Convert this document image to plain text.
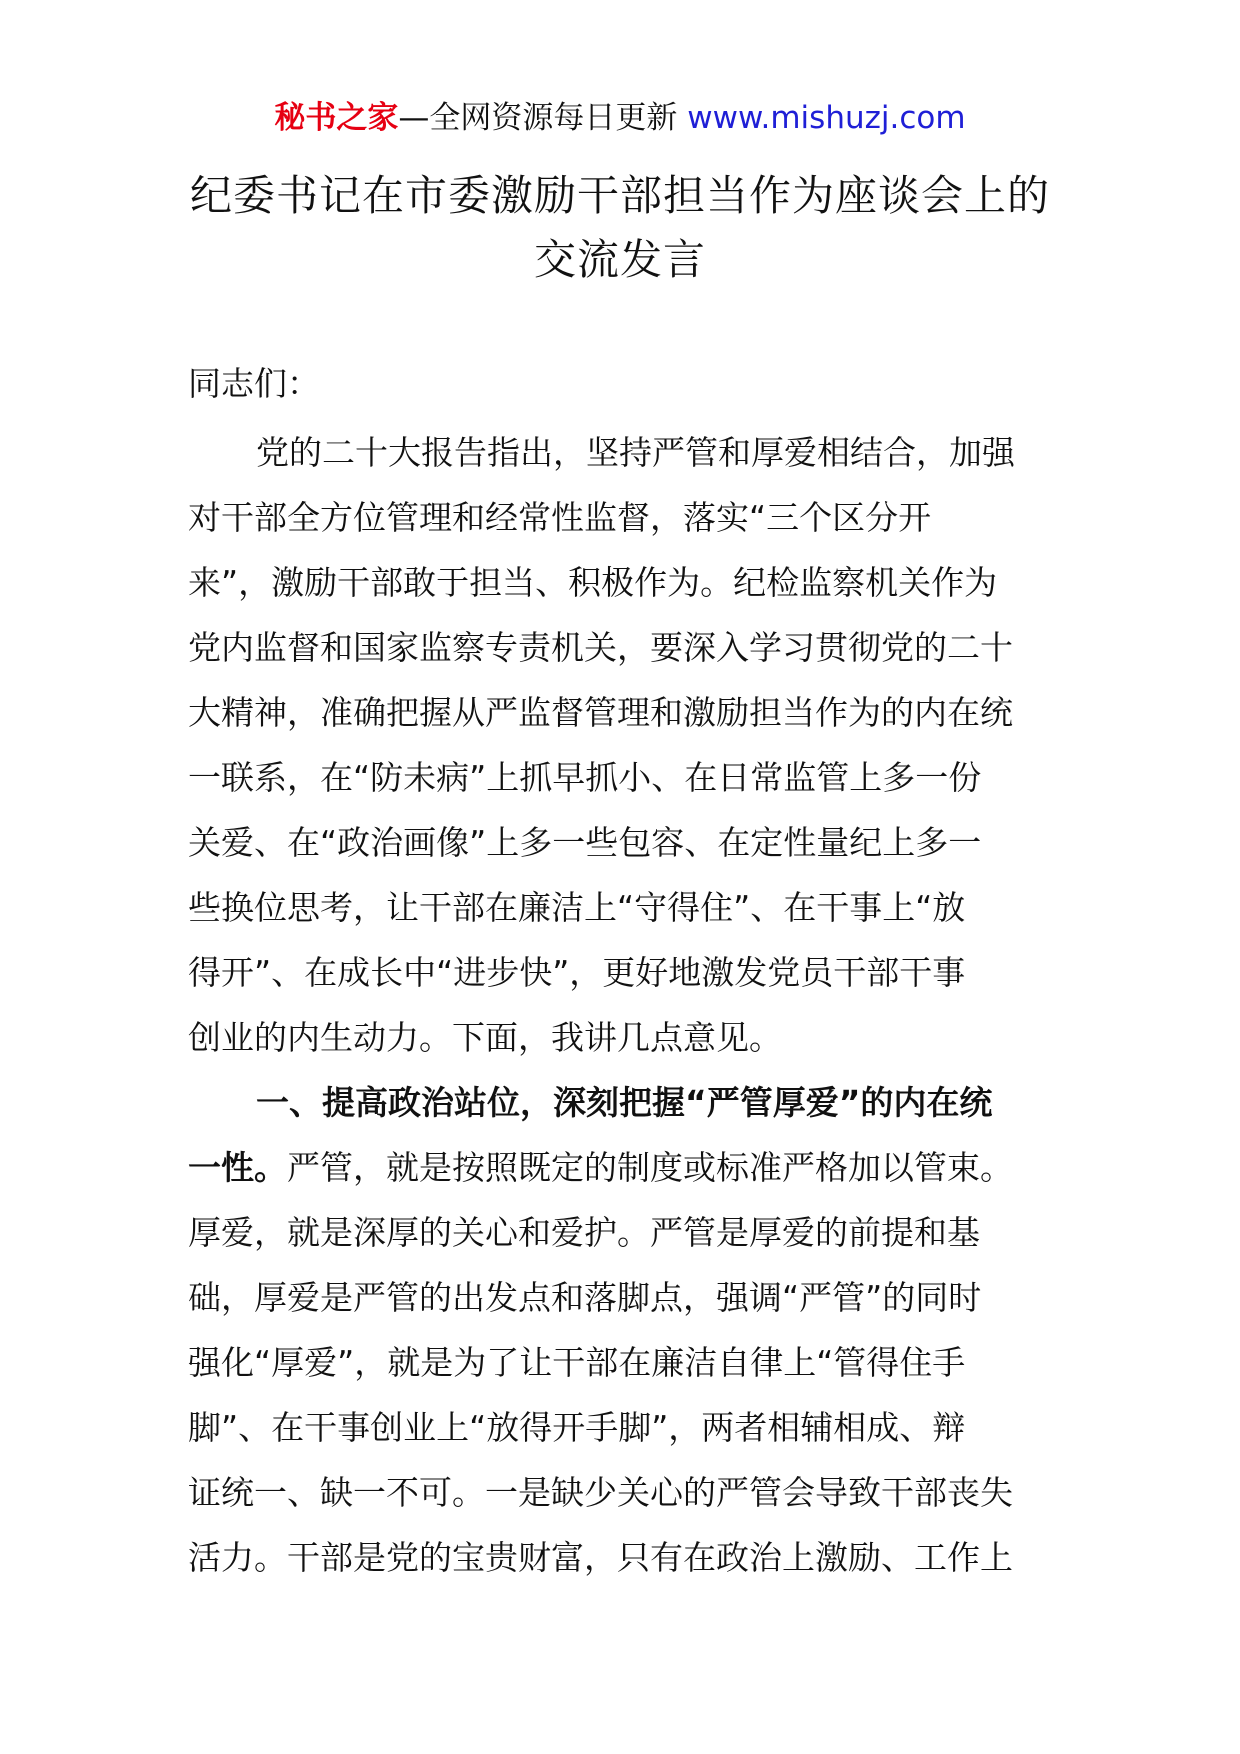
秘书之家—全网资源每日更新 www.mishuzj.com
纪委书记在市委激励干部担当作为座谈会上的
交流发言
同志们：
党的二十大报告指出，坚持严管和厚爱相结合，加强
对干部全方位管理和经常性监督，落实“三个区分开
来”，激励干部敢于担当、积极作为。纪检监察机关作为
党内监督和国家监察专责机关，要深入学习贯彻党的二十
大精神，准确把握从严监督管理和激励担当作为的内在统
一联系，在“防未病”上抓早抓小、在日常监管上多一份
关爱、在“政治画像”上多一些包容、在定性量纪上多一
些换位思考，让干部在廉洁上“守得住”、在干事上“放
得开”、在成长中“进步快”，更好地激发党员干部干事
创业的内生动力。下面，我讲几点意见。
一、提高政治站位，深刻把握“严管厚爱”的内在统
一性。严管，就是按照既定的制度或标准严格加以管束。
厚爱，就是深厚的关心和爱护。严管是厚爱的前提和基
础，厚爱是严管的出发点和落脚点，强调“严管”的同时
强化“厚爱”，就是为了让干部在廉洁自律上“管得住手
脚”、在干事创业上“放得开手脚”，两者相辅相成、辩
证统一、缺一不可。一是缺少关心的严管会导致干部丧失
活力。干部是党的宝贵财富，只有在政治上激励、工作上
